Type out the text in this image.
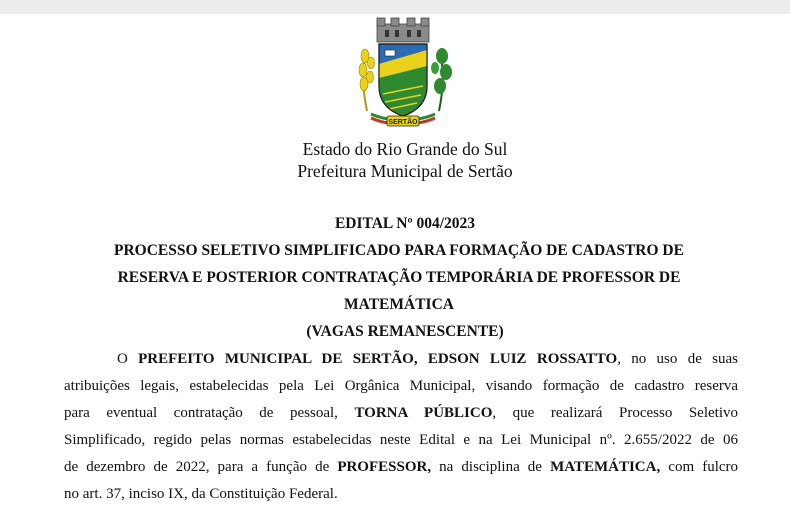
SERTÃO
Estado do Rio Grande do Sul
Prefeitura Municipal de Sertão
EDITAL Nº 004/2023
PROCESSO SELETIVO SIMPLIFICADO PARA FORMAÇÃO DE CADASTRO DE
RESERVA E POSTERIOR CONTRATAÇÃO TEMPORÁRIA DE PROFESSOR DE
MATEMÁTICA
(VAGAS REMANESCENTE)
O PREFEITO MUNICIPAL DE SERTÃO, EDSON LUIZ ROSSATTO, no uso de suas
atribuições legais, estabelecidas pela Lei Orgânica Municipal, visando formação de cadastro reserva
para eventual contratação de pessoal, TORNA PÚBLICO, que realizará Processo Seletivo
Simplificado, regido pelas normas estabelecidas neste Edital e na Lei Municipal nº. 2.655/2022 de 06
de dezembro de 2022, para a função de PROFESSOR, na disciplina de MATEMÁTICA, com fulcro
no art. 37, inciso IX, da Constituição Federal.
